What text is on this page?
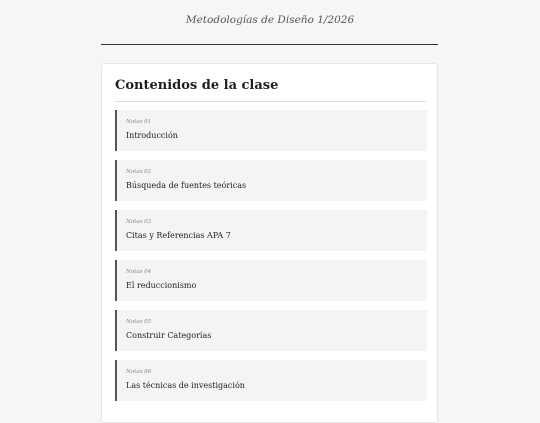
Metodologías de Diseño 1/2026
Contenidos de la clase
Notas 01
Introducción
Notas 02
Búsqueda de fuentes teóricas
Notas 03
Citas y Referencias APA 7
Notas 04
El reduccionismo
Notas 05
Construir Categorías
Notas 06
Las técnicas de investigación
